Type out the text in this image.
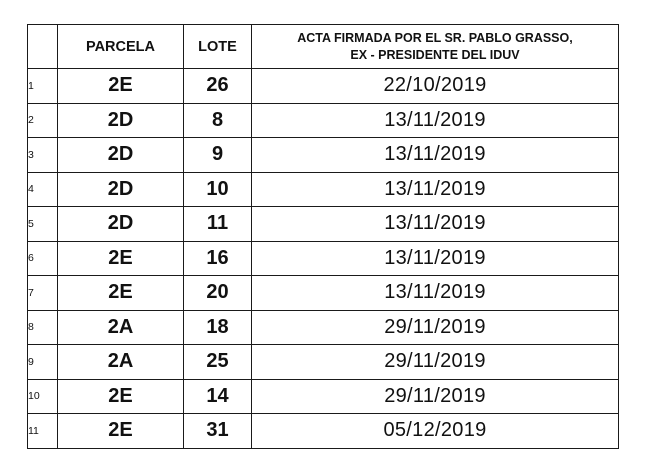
	PARCELA	LOTE	ACTA FIRMADA POR EL SR. PABLO GRASSO,
EX - PRESIDENTE DEL IDUV

1	2E	26	22/10/2019
2	2D	8	13/11/2019
3	2D	9	13/11/2019
4	2D	10	13/11/2019
5	2D	11	13/11/2019
6	2E	16	13/11/2019
7	2E	20	13/11/2019
8	2A	18	29/11/2019
9	2A	25	29/11/2019
10	2E	14	29/11/2019
11	2E	31	05/12/2019
